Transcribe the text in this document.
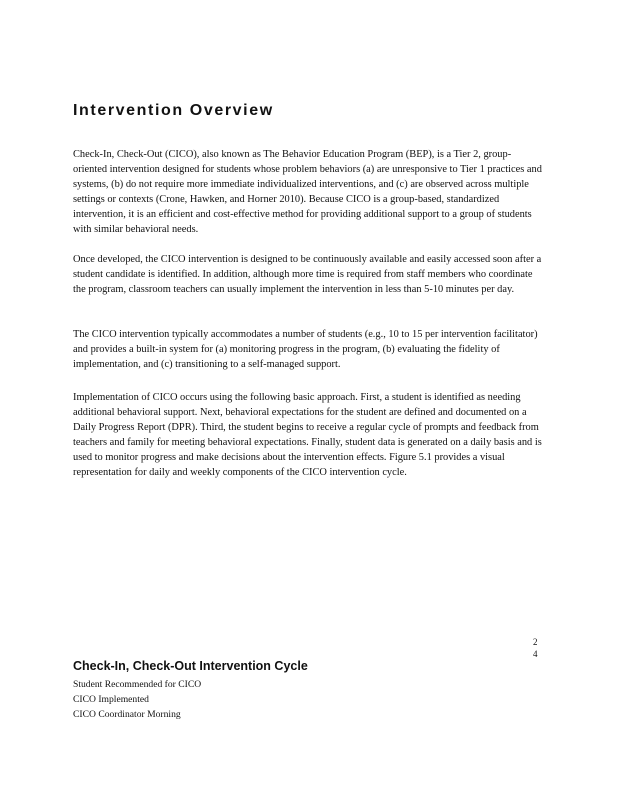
Intervention Overview

Check-In, Check-Out (CICO), also known as The Behavior Education Program (BEP), is a Tier 2, group-oriented intervention designed for students whose problem behaviors (a) are unresponsive to Tier 1 practices and systems, (b) do not require more immediate individualized interventions, and (c) are observed across multiple settings or contexts (Crone, Hawken, and Horner 2010). Because CICO is a group-based, standardized intervention, it is an efficient and cost-effective method for providing additional support to a group of students with similar behavioral needs.

Once developed, the CICO intervention is designed to be continuously available and easily accessed soon after a student candidate is identified. In addition, although more time is required from staff members who coordinate the program, classroom teachers can usually implement the intervention in less than 5-10 minutes per day.

The CICO intervention typically accommodates a number of students (e.g., 10 to 15 per intervention facilitator) and provides a built-in system for (a) monitoring progress in the program, (b) evaluating the fidelity of implementation, and (c) transitioning to a self-managed support.

Implementation of CICO occurs using the following basic approach. First, a student is identified as needing additional behavioral support. Next, behavioral expectations for the student are defined and documented on a Daily Progress Report (DPR). Third, the student begins to receive a regular cycle of prompts and feedback from teachers and family for meeting behavioral expectations. Finally, student data is generated on a daily basis and is used to monitor progress and make decisions about the intervention effects. Figure 5.1 provides a visual representation for daily and weekly components of the CICO intervention cycle.

2
4
Check-In, Check-Out Intervention Cycle
Student Recommended for CICO
CICO Implemented
CICO Coordinator Morning
